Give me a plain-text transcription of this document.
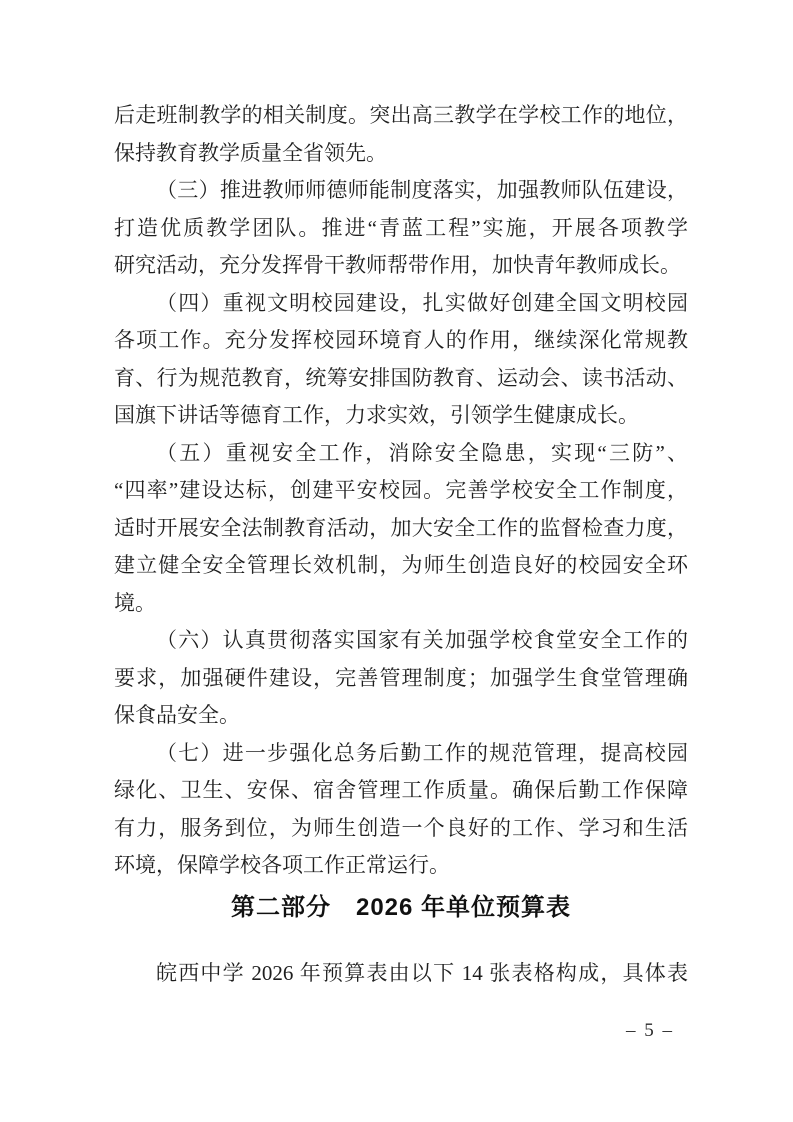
后走班制教学的相关制度。突出高三教学在学校工作的地位，
保持教育教学质量全省领先。
（三）推进教师师德师能制度落实，加强教师队伍建设，
打造优质教学团队。推进“青蓝工程”实施，开展各项教学
研究活动，充分发挥骨干教师帮带作用，加快青年教师成长。
（四）重视文明校园建设，扎实做好创建全国文明校园
各项工作。充分发挥校园环境育人的作用，继续深化常规教
育、行为规范教育，统筹安排国防教育、运动会、读书活动、
国旗下讲话等德育工作，力求实效，引领学生健康成长。
（五）重视安全工作，消除安全隐患，实现“三防”、
“四率”建设达标，创建平安校园。完善学校安全工作制度，
适时开展安全法制教育活动，加大安全工作的监督检查力度，
建立健全安全管理长效机制，为师生创造良好的校园安全环
境。
（六）认真贯彻落实国家有关加强学校食堂安全工作的
要求，加强硬件建设，完善管理制度；加强学生食堂管理确
保食品安全。
（七）进一步强化总务后勤工作的规范管理，提高校园
绿化、卫生、安保、宿舍管理工作质量。确保后勤工作保障
有力，服务到位，为师生创造一个良好的工作、学习和生活
环境，保障学校各项工作正常运行。
第二部分　2026 年单位预算表

皖西中学 2026 年预算表由以下 14 张表格构成，具体表

– 5 –
